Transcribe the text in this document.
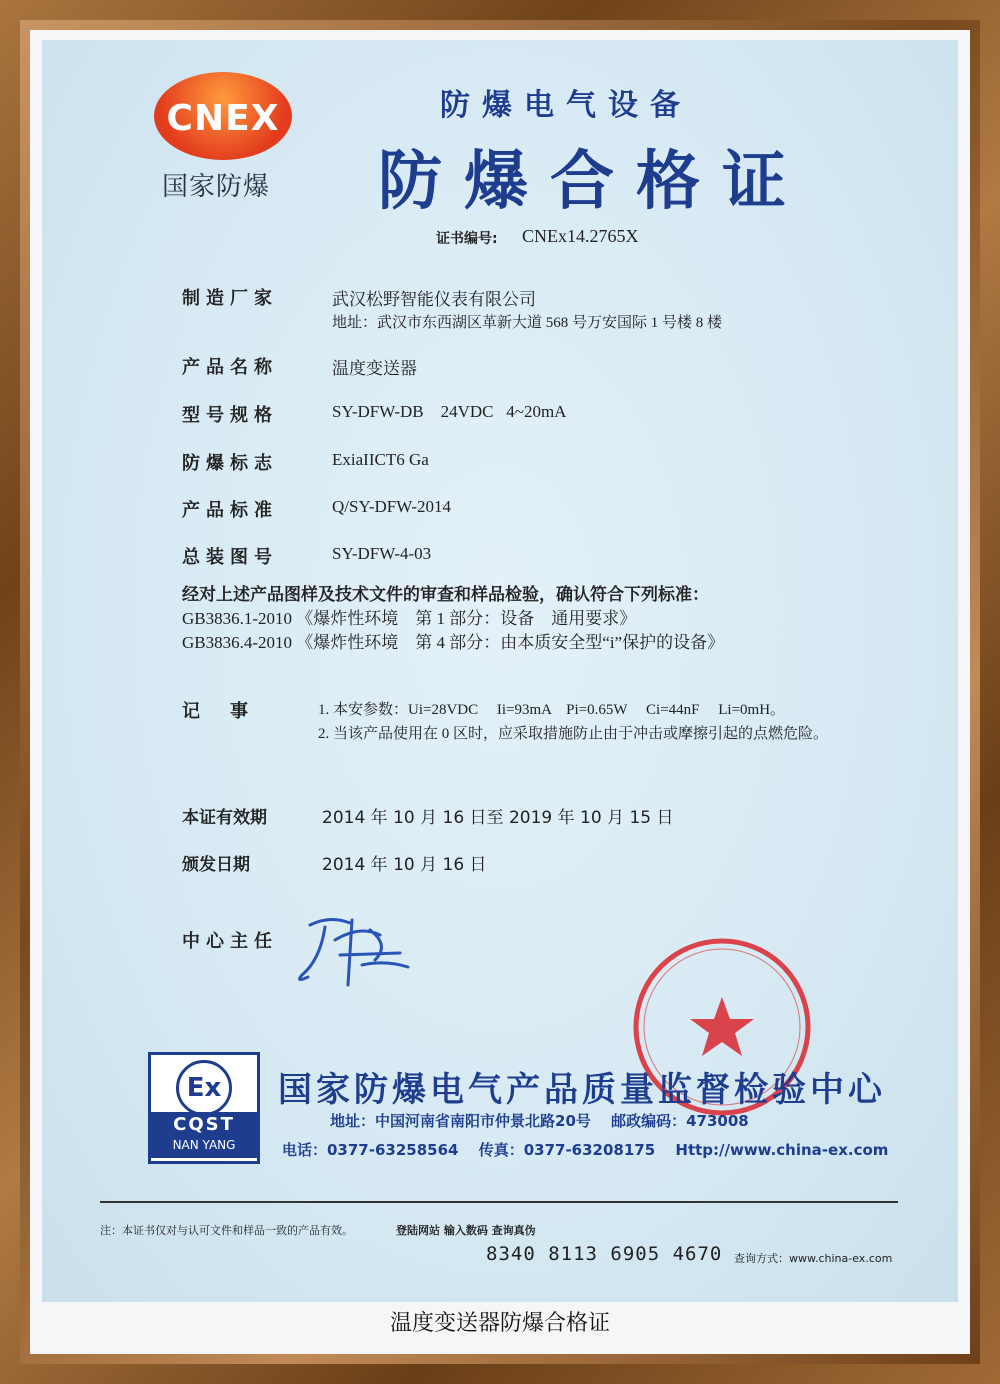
CNEX
国家防爆
防爆电气设备
防爆合格证
证书编号: CNEx14.2765X
制造厂家	武汉松野智能仪表有限公司
地址：武汉市东西湖区革新大道 568 号万安国际 1 号楼 8 楼
产品名称	温度变送器
型号规格	SY-DFW-DB    24VDC   4~20mA
防爆标志	ExiaIICT6 Ga
产品标准	Q/SY-DFW-2014
总装图号	SY-DFW-4-03
经对上述产品图样及技术文件的审查和样品检验，确认符合下列标准：
GB3836.1-2010 《爆炸性环境　第 1 部分：设备　通用要求》
GB3836.4-2010 《爆炸性环境　第 4 部分：由本质安全型“i”保护的设备》
记　事	1. 本安参数：Ui=28VDC　 Ii=93mA　Pi=0.65W　 Ci=44nF　 Li=0mH。
2. 当该产品使用在 0 区时，应采取措施防止由于冲击或摩擦引起的点燃危险。
本证有效期	2014 年 10 月 16 日至 2019 年 10 月 15 日
颁发日期	2014 年 10 月 16 日
中心主任
Ex
CQST
NAN YANG
国家防爆电气产品质量监督检验中心
地址：中国河南省南阳市仲景北路20号　 邮政编码：473008
电话：0377-63258564　 传真：0377-63208175　 Http://www.china-ex.com
注：本证书仅对与认可文件和样品一致的产品有效。	登陆网站 输入数码 查询真伪
8340 8113 6905 4670 查询方式：www.china-ex.com
温度变送器防爆合格证
